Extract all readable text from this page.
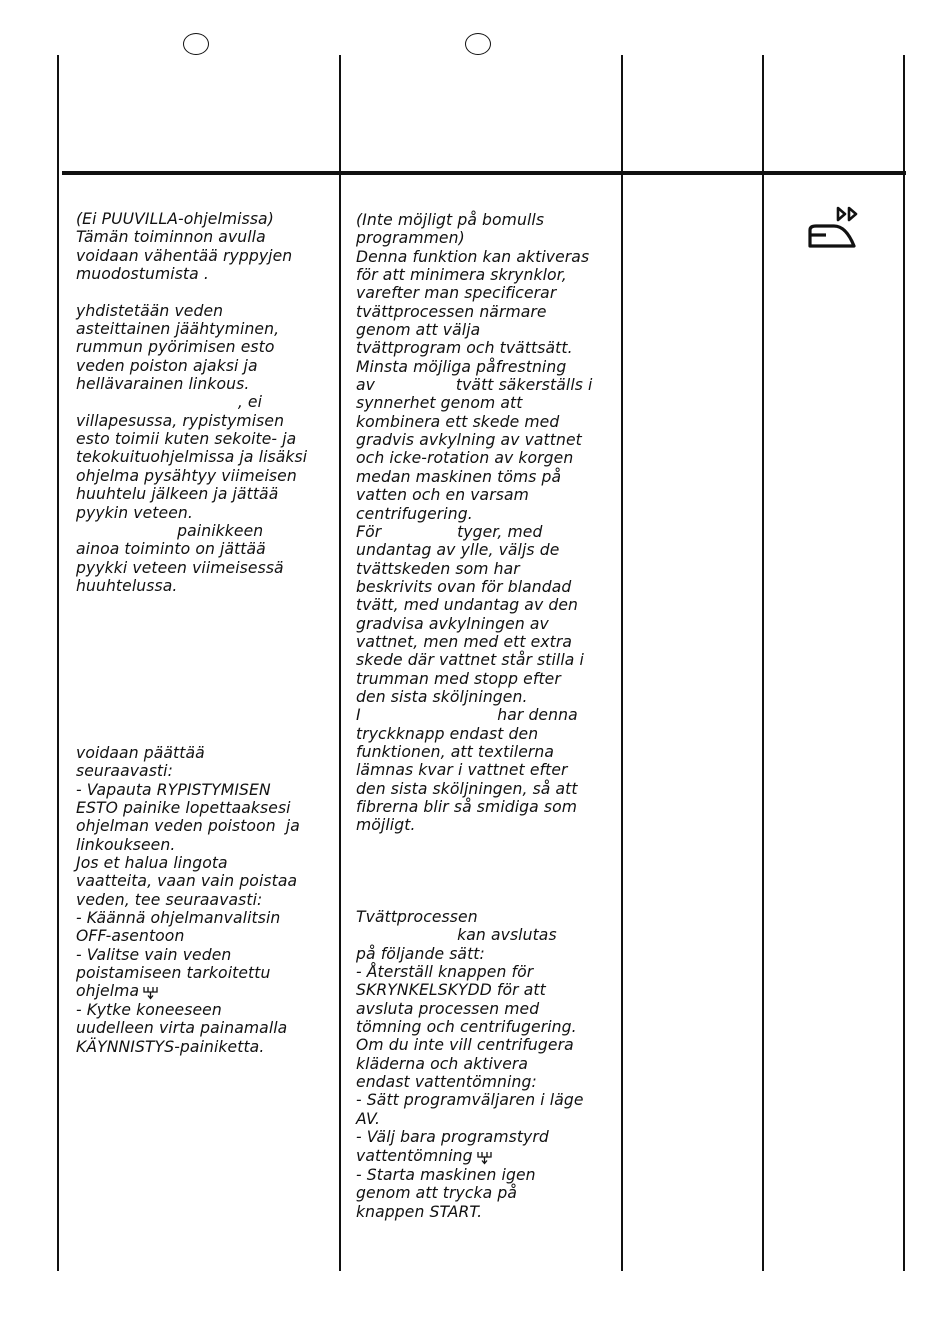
(Ei PUUVILLA-ohjelmissa)
Tämän toiminnon avulla
voidaan vähentää ryppyjen
muodostumista .

yhdistetään veden
asteittainen jäähtyminen,
rummun pyörimisen esto
veden poiston ajaksi ja
hellävarainen linkous.
, ei
villapesussa, rypistymisen
esto toimii kuten sekoite- ja
tekokuituohjelmissa ja lisäksi
ohjelma pysähtyy viimeisen
huuhtelu jälkeen ja jättää
pyykin veteen.
painikkeen
ainoa toiminto on jättää
pyykki veteen viimeisessä
huuhtelussa.
voidaan päättää
seuraavasti:
- Vapauta RYPISTYMISEN
ESTO painike lopettaaksesi
ohjelman veden poistoon  ja
linkoukseen.
Jos et halua lingota
vaatteita, vaan vain poistaa
veden, tee seuraavasti:
- Käännä ohjelmanvalitsin
OFF-asentoon
- Valitse vain veden
poistamiseen tarkoitettu
ohjelma
- Kytke koneeseen
uudelleen virta painamalla
KÄYNNISTYS-painiketta.
(Inte möjligt på bomulls
programmen)
Denna funktion kan aktiveras
för att minimera skrynklor,
varefter man specificerar
tvättprocessen närmare
genom att välja
tvättprogram och tvättsätt.
Minsta möjliga påfrestning
av                tvätt säkerställs i
synnerhet genom att
kombinera ett skede med
gradvis avkylning av vattnet
och icke-rotation av korgen
medan maskinen töms på
vatten och en varsam
centrifugering.
För               tyger, med
undantag av ylle, väljs de
tvättskeden som har
beskrivits ovan för blandad
tvätt, med undantag av den
gradvisa avkylningen av
vattnet, men med ett extra
skede där vattnet står stilla i
trumman med stopp efter
den sista sköljningen.
I                           har denna
tryckknapp endast den
funktionen, att textilerna
lämnas kvar i vattnet efter
den sista sköljningen, så att
fibrerna blir så smidiga som
möjligt.
Tvättprocessen
kan avslutas
på följande sätt:
- Återställ knappen för
SKRYNKELSKYDD för att
avsluta processen med
tömning och centrifugering.
Om du inte vill centrifugera
kläderna och aktivera
endast vattentömning:
- Sätt programväljaren i läge
AV.
- Välj bara programstyrd
vattentömning
- Starta maskinen igen
genom att trycka på
knappen START.
